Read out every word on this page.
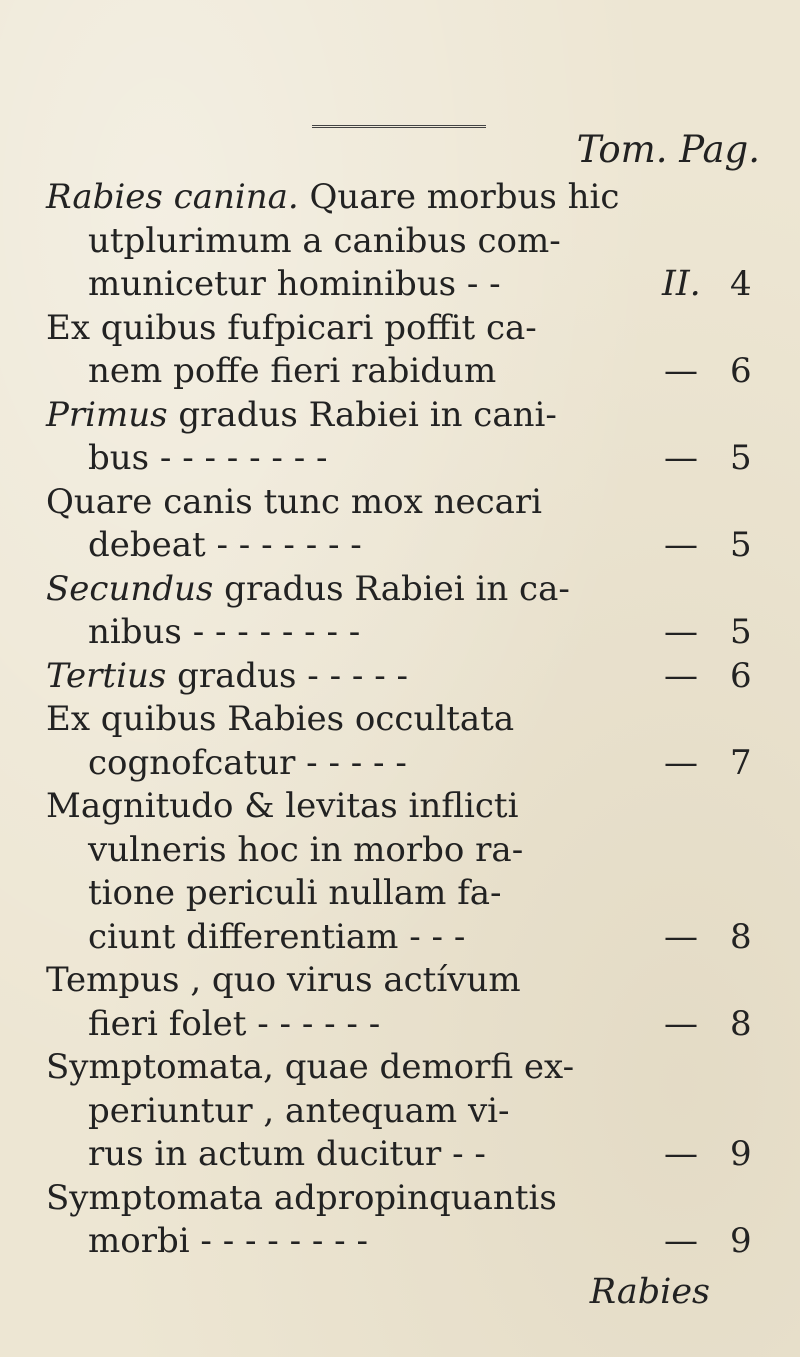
Tom. Pag.
Rabies canina. Quare morbus hic
utplurimum a canibus com-
municetur hominibus - -	II. 4
Ex quibus fufpicari poffit ca-
nem poffe fieri rabidum	— 6
Primus gradus Rabiei in cani-
bus - - - - - - - -	— 5
Quare canis tunc mox necari
debeat - - - - - - -	— 5
Secundus gradus Rabiei in ca-
nibus - - - - - - - -	— 5
Tertius gradus - - - - -	— 6
Ex quibus Rabies occultata
cognofcatur - - - - -	— 7
Magnitudo & levitas inflicti
vulneris hoc in morbo ra-
tione periculi nullam fa-
ciunt differentiam - - -	— 8
Tempus , quo virus actívum
fieri folet - - - - - -	— 8
Symptomata, quae demorfi ex-
periuntur , antequam vi-
rus in actum ducitur - -	— 9
Symptomata adpropinquantis
morbi - - - - - - - -	— 9
Rabies
